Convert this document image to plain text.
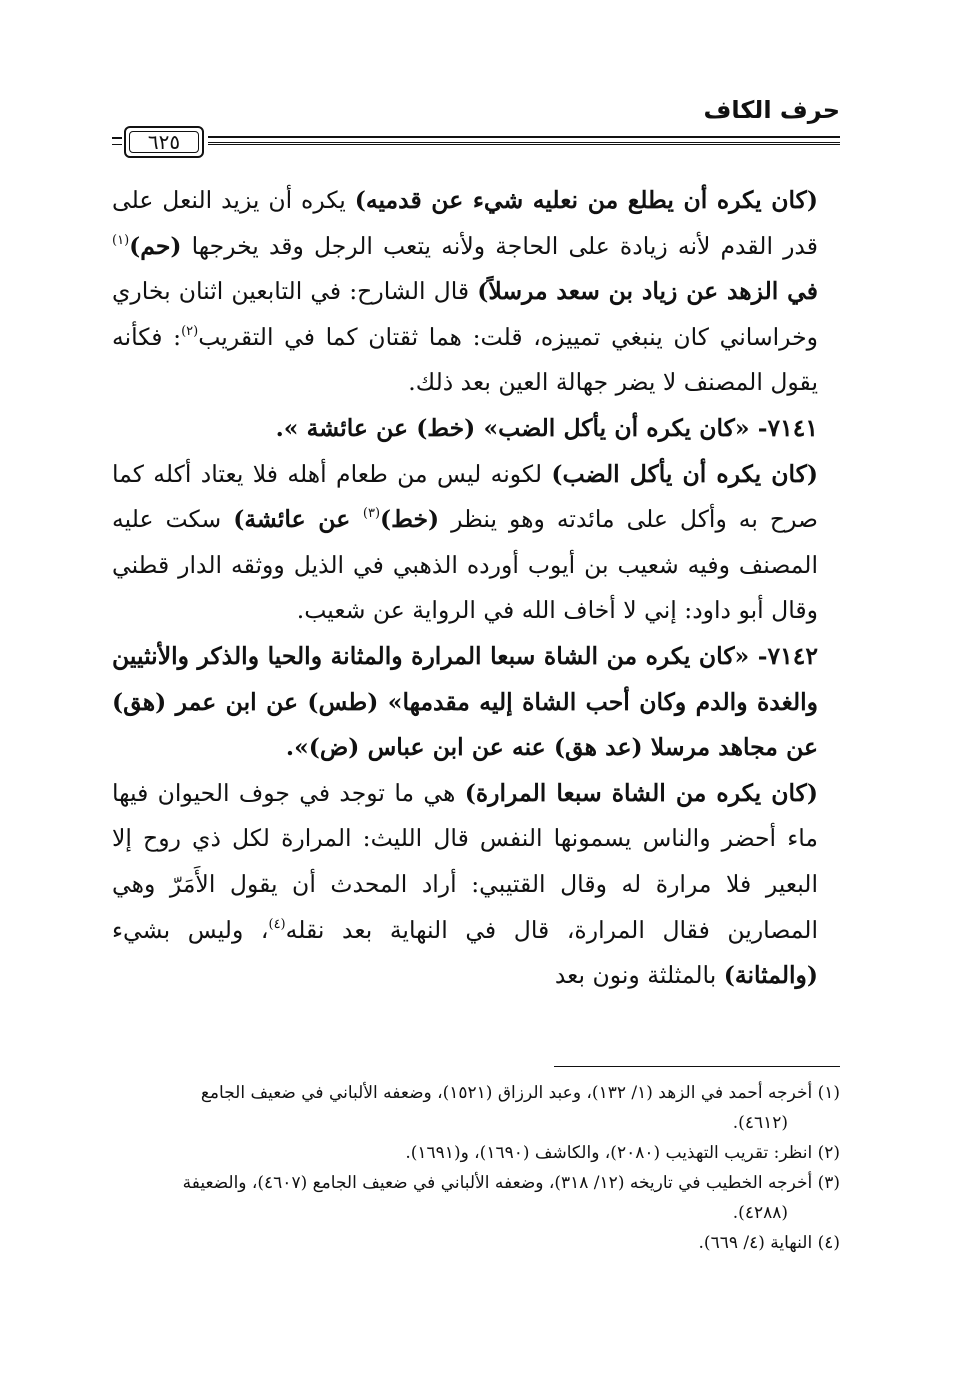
حرف الكاف
٦٢٥

(كان يكره أن يطلع من نعليه شيء عن قدميه) يكره أن يزيد النعل على قدر القدم لأنه زيادة على الحاجة ولأنه يتعب الرجل وقد يخرجها (حم)$^{(١)}$ في الزهد عن زياد بن سعد مرسلاً) قال الشارح: في التابعين اثنان بخاري وخراساني كان ينبغي تمييزه، قلت: هما ثقتان كما في التقريب$^{(٢)}$: فكأنه يقول المصنف لا يضر جهالة العين بعد ذلك.

٧١٤١- «كان يكره أن يأكل الضب» (خط) عن عائشة ».

(كان يكره أن يأكل الضب) لكونه ليس من طعام أهله فلا يعتاد أكله كما صرح به وأكل على مائدته وهو ينظر (خط)$^{(٣)}$ عن عائشة) سكت عليه المصنف وفيه شعيب بن أيوب أورده الذهبي في الذيل ووثقه الدار قطني وقال أبو داود: إني لا أخاف الله في الرواية عن شعيب.

٧١٤٢- «كان يكره من الشاة سبعا المرارة والمثانة والحيا والذكر والأنثيين والغدة والدم وكان أحب الشاة إليه مقدمها» (طس) عن ابن عمر (هق) عن مجاهد مرسلا (عد هق) عنه عن ابن عباس (ض)».

(كان يكره من الشاة سبعا المرارة) هي ما توجد في جوف الحيوان فيها ماء أحضر والناس يسمونها النفس قال الليث: المرارة لكل ذي روح إلا البعير فلا مرارة له وقال القتيبي: أراد المحدث أن يقول الأَمَرّ وهي المصارين فقال المرارة، قال في النهاية بعد نقله$^{(٤)}$، وليس بشيء (والمثانة) بالمثلثة ونون بعد

(١) أخرجه أحمد في الزهد (١/ ١٣٢)، وعبد الرزاق (١٥٢١)، وضعفه الألباني في ضعيف الجامع

(٤٦١٢).

(٢) انظر: تقريب التهذيب (٢٠٨٠)، والكاشف (١٦٩٠)، و(١٦٩١).

(٣) أخرجه الخطيب في تاريخه (١٢/ ٣١٨)، وضعفه الألباني في ضعيف الجامع (٤٦٠٧)، والضعيفة

(٤٢٨٨).

(٤) النهاية (٤/ ٦٦٩).
